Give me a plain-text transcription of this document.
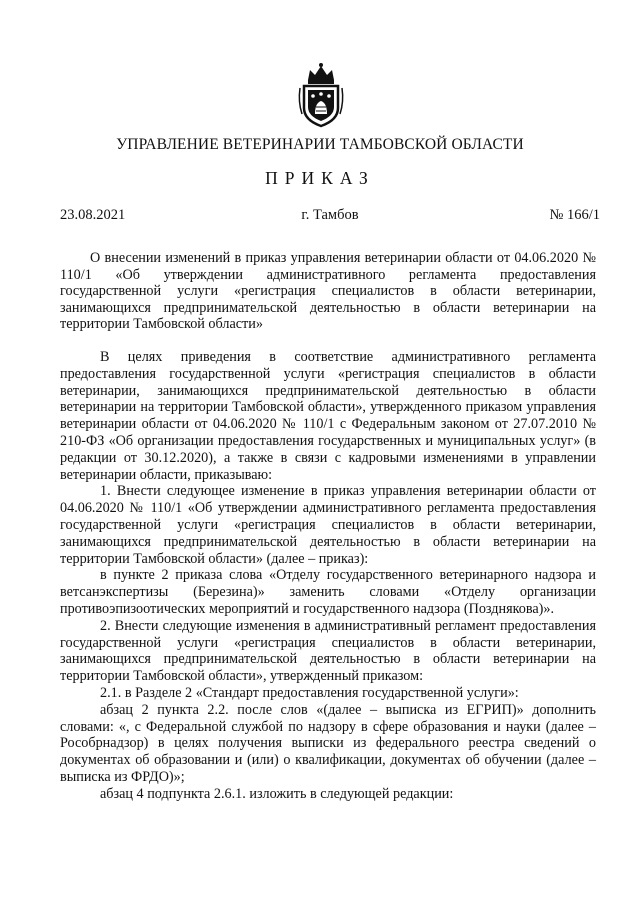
УПРАВЛЕНИЕ ВЕТЕРИНАРИИ ТАМБОВСКОЙ ОБЛАСТИ
ПРИКАЗ
23.08.2021	г. Тамбов	№ 166/1
О внесении изменений в приказ управления ветеринарии области от 04.06.2020 № 110/1 «Об утверждении административного регламента предоставления государственной услуги «регистрация специалистов в области ветеринарии, занимающихся предпринимательской деятельностью в области ветеринарии на территории Тамбовской области»

В целях приведения в соответствие административного регламента предоставления государственной услуги «регистрация специалистов в области ветеринарии, занимающихся предпринимательской деятельностью в области ветеринарии на территории Тамбовской области», утвержденного приказом управления ветеринарии области от 04.06.2020 № 110/1 с Федеральным законом от 27.07.2010 № 210-ФЗ «Об организации предоставления государственных и муниципальных услуг» (в редакции от 30.12.2020), а также в связи с кадровыми изменениями в управлении ветеринарии области, приказываю:

1. Внести следующее изменение в приказ управления ветеринарии области от 04.06.2020 № 110/1 «Об утверждении административного регламента предоставления государственной услуги «регистрация специалистов в области ветеринарии, занимающихся предпринимательской деятельностью в области ветеринарии на территории Тамбовской области» (далее – приказ):

в пункте 2 приказа слова «Отделу государственного ветеринарного надзора и ветсанэкспертизы (Березина)» заменить словами «Отделу организации противоэпизоотических мероприятий и государственного надзора (Позднякова)».

2. Внести следующие изменения в административный регламент предоставления государственной услуги «регистрация специалистов в области ветеринарии, занимающихся предпринимательской деятельностью в области ветеринарии на территории Тамбовской области», утвержденный приказом:

2.1. в Разделе 2 «Стандарт предоставления государственной услуги»:

абзац 2 пункта 2.2. после слов «(далее – выписка из ЕГРИП)» дополнить словами: «, с Федеральной службой по надзору в сфере образования и науки (далее – Рособрнадзор) в целях получения выписки из федерального реестра сведений о документах об образовании и (или) о квалификации, документах об обучении (далее – выписка из ФРДО)»;

абзац 4 подпункта 2.6.1. изложить в следующей редакции:
